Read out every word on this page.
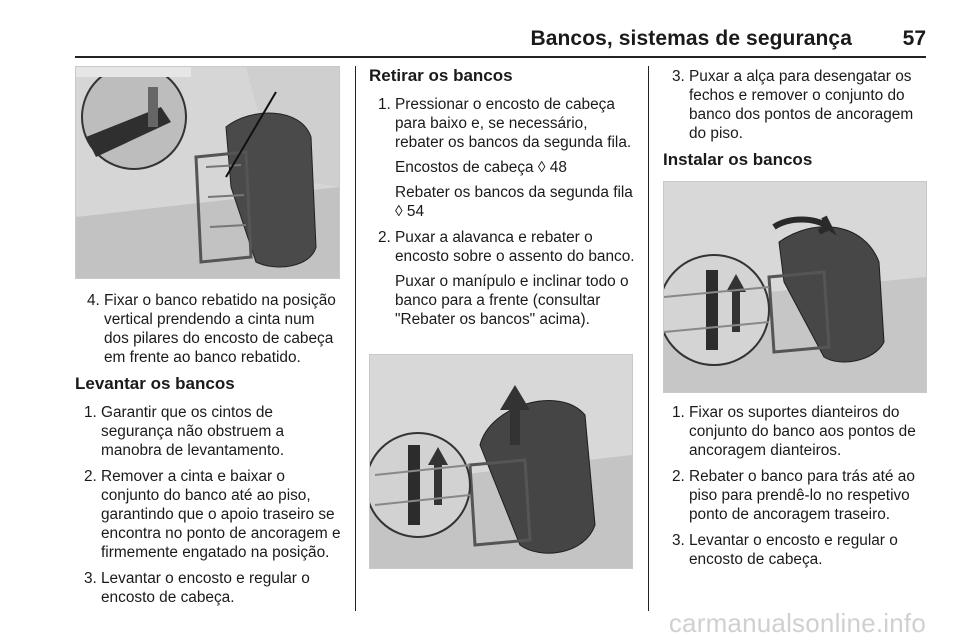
Bancos, sistemas de segurança 57
4. Fixar o banco rebatido na posição vertical prendendo a cinta num dos pilares do encosto de cabeça em frente ao banco rebatido.
Levantar os bancos
1. Garantir que os cintos de segurança não obstruem a manobra de levantamento.
2. Remover a cinta e baixar o conjunto do banco até ao piso, garantindo que o apoio traseiro se encontra no ponto de ancoragem e firmemente engatado na posição.
3. Levantar o encosto e regular o encosto de cabeça.
Retirar os bancos
1. Pressionar o encosto de cabeça para baixo e, se necessário, rebater os bancos da segunda fila.
Encostos de cabeça ◊ 48
Rebater os bancos da segunda fila ◊ 54
2. Puxar a alavanca e rebater o encosto sobre o assento do banco.
Puxar o manípulo e inclinar todo o banco para a frente (consultar "Rebater os bancos" acima).
3. Puxar a alça para desengatar os fechos e remover o conjunto do banco dos pontos de ancoragem do piso.
Instalar os bancos
1. Fixar os suportes dianteiros do conjunto do banco aos pontos de ancoragem dianteiros.
2. Rebater o banco para trás até ao piso para prendê-lo no respetivo ponto de ancoragem traseiro.
3. Levantar o encosto e regular o encosto de cabeça.
carmanualsonline.info
